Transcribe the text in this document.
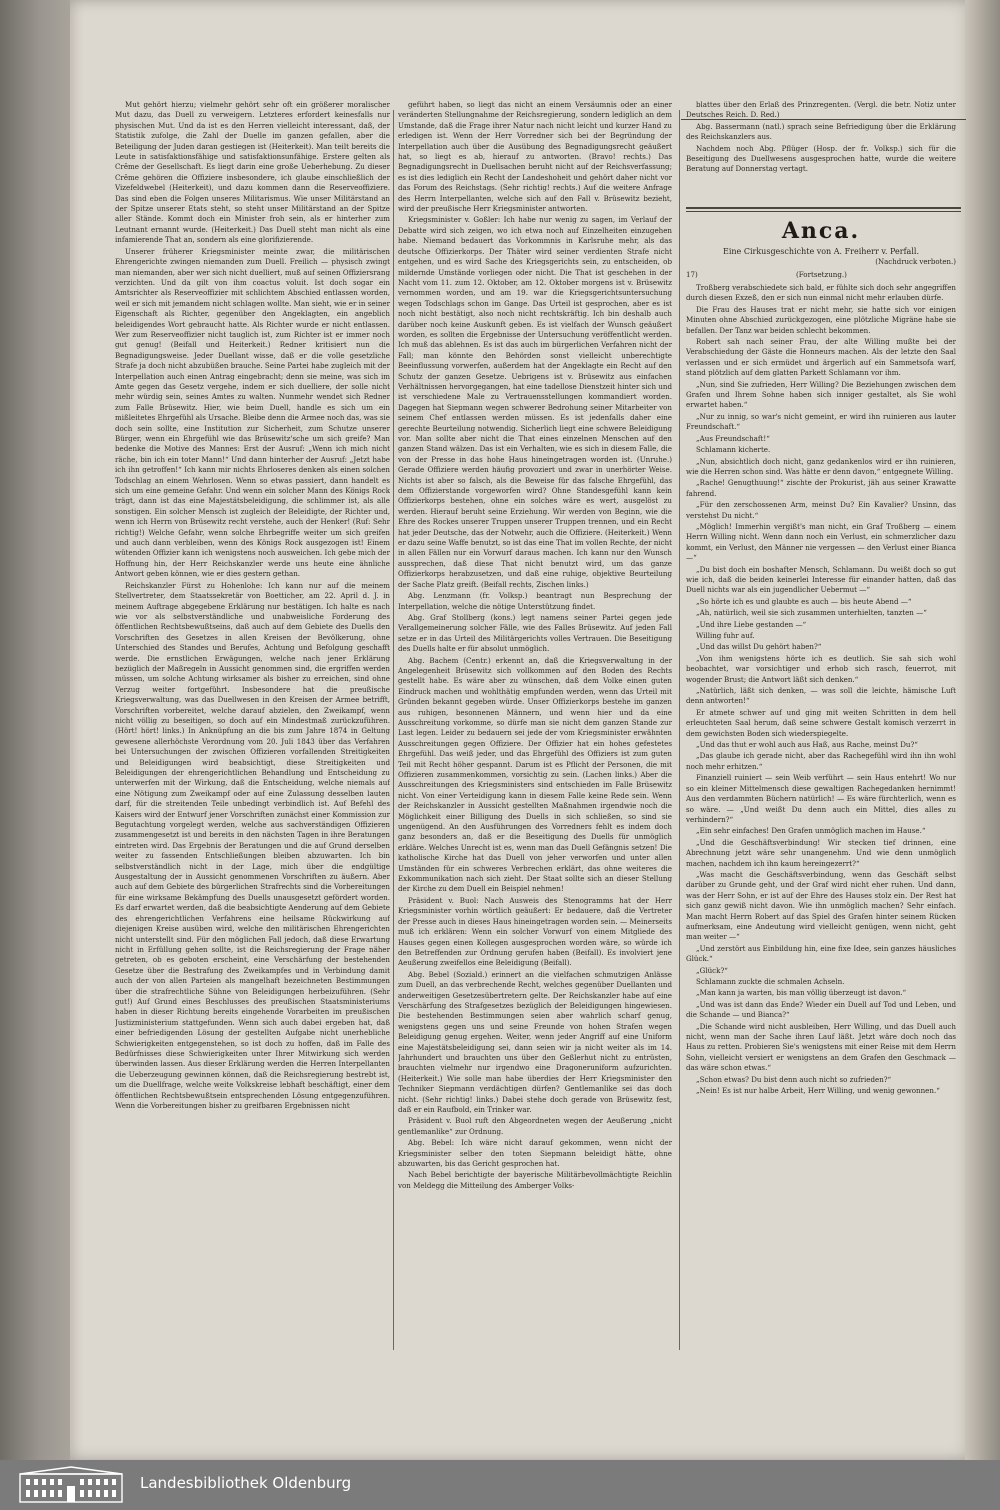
Mut gehört hierzu; vielmehr gehört sehr oft ein größerer moralischer Mut dazu, das Duell zu verweigern. Letzteres erfordert keinesfalls nur physischen Mut. Und da ist es den Herren vielleicht interessant, daß, der Statistik zufolge, die Zahl der Duelle im ganzen gefallen, aber die Beteiligung der Juden daran gestiegen ist (Heiterkeit). Man teilt bereits die Leute in satisfaktionsfähige und satisfaktionsunfähige. Erstere gelten als Crême der Gesellschaft. Es liegt darin eine große Ueberhebung. Zu dieser Crême gehören die Offiziere insbesondere, ich glaube einschließlich der Vizefeldwebel (Heiterkeit), und dazu kommen dann die Reserveoffiziere. Das sind eben die Folgen unseres Militarismus. Wie unser Militärstand an der Spitze unserer Etats steht, so steht unser Militärstand an der Spitze aller Stände. Kommt doch ein Minister froh sein, als er hinterher zum Leutnant ernannt wurde. (Heiterkeit.) Das Duell steht man nicht als eine infamierende That an, sondern als eine glorifizierende.

Unserer früherer Kriegsminister meinte zwar, die militärischen Ehrengerichte zwingen niemanden zum Duell. Freilich — physisch zwingt man niemanden, aber wer sich nicht duelliert, muß auf seinen Offiziersrang verzichten. Und da gilt von ihm coactus voluit. Ist doch sogar ein Amtsrichter als Reserveoffizier mit schlichtem Abschied entlassen worden, weil er sich mit jemandem nicht schlagen wollte. Man sieht, wie er in seiner Eigenschaft als Richter, gegenüber den Angeklagten, ein angeblich beleidigendes Wort gebraucht hatte. Als Richter wurde er nicht entlassen. Wer zum Reserveoffizier nicht tauglich ist, zum Richter ist er immer noch gut genug! (Beifall und Heiterkeit.) Redner kritisiert nun die Begnadigungsweise. Jeder Duellant wisse, daß er die volle gesetzliche Strafe ja doch nicht abzubüßen brauche. Seine Partei habe zugleich mit der Interpellation auch einen Antrag eingebracht; denn sie meine, was sich im Amte gegen das Gesetz vergehe, indem er sich duelliere, der solle nicht mehr würdig sein, seines Amtes zu walten. Nunmehr wendet sich Redner zum Falle Brüsewitz. Hier, wie beim Duell, handle es sich um ein mißleitetes Ehrgefühl als Ursache. Bleibe denn die Armee noch das, was sie doch sein sollte, eine Institution zur Sicherheit, zum Schutze unserer Bürger, wenn ein Ehrgefühl wie das Brüsewitz'sche um sich greife? Man bedenke die Motive des Mannes: Erst der Ausruf: „Wenn ich mich nicht räche, bin ich ein toter Mann!“ Und dann hinterher der Ausruf: „Jetzt habe ich ihn getroffen!“ Ich kann mir nichts Ehrloseres denken als einen solchen Todschlag an einem Wehrlosen. Wenn so etwas passiert, dann handelt es sich um eine gemeine Gefahr. Und wenn ein solcher Mann des Königs Rock trägt, dann ist das eine Majestätsbeleidigung, die schlimmer ist, als alle sonstigen. Ein solcher Mensch ist zugleich der Beleidigte, der Richter und, wenn ich Herrn von Brüsewitz recht verstehe, auch der Henker! (Ruf: Sehr richtig!) Welche Gefahr, wenn solche Ehrbegriffe weiter um sich greifen und auch dann verbleiben, wenn des Königs Rock ausgezogen ist! Einem wütenden Offizier kann ich wenigstens noch ausweichen. Ich gebe mich der Hoffnung hin, der Herr Reichskanzler werde uns heute eine ähnliche Antwort geben können, wie er dies gestern gethan.

Reichskanzler Fürst zu Hohenlohe: Ich kann nur auf die meinem Stellvertreter, dem Staatssekretär von Boetticher, am 22. April d. J. in meinem Auftrage abgegebene Erklärung nur bestätigen. Ich halte es nach wie vor als selbstverständliche und unabweisliche Forderung des öffentlichen Rechtsbewußtseins, daß auch auf dem Gebiete des Duells den Vorschriften des Gesetzes in allen Kreisen der Bevölkerung, ohne Unterschied des Standes und Berufes, Achtung und Befolgung geschafft werde. Die ernstlichen Erwägungen, welche nach jener Erklärung bezüglich der Maßregeln in Aussicht genommen sind, die ergriffen werden müssen, um solche Achtung wirksamer als bisher zu erreichen, sind ohne Verzug weiter fortgeführt. Insbesondere hat die preußische Kriegsverwaltung, was das Duellwesen in den Kreisen der Armee betrifft, Vorschriften vorbereitet, welche darauf abzielen, den Zweikampf, wenn nicht völlig zu beseitigen, so doch auf ein Mindestmaß zurückzuführen. (Hört! hört! links.) In Anknüpfung an die bis zum Jahre 1874 in Geltung gewesene allerhöchste Verordnung vom 20. Juli 1843 über das Verfahren bei Untersuchungen der zwischen Offizieren vorfallenden Streitigkeiten und Beleidigungen wird beabsichtigt, diese Streitigkeiten und Beleidigungen der ehrengerichtlichen Behandlung und Entscheidung zu unterwerfen mit der Wirkung, daß die Entscheidung, welche niemals auf eine Nötigung zum Zweikampf oder auf eine Zulassung desselben lauten darf, für die streitenden Teile unbedingt verbindlich ist. Auf Befehl des Kaisers wird der Entwurf jener Vorschriften zunächst einer Kommission zur Begutachtung vorgelegt werden, welche aus sachverständigen Offizieren zusammengesetzt ist und bereits in den nächsten Tagen in ihre Beratungen eintreten wird. Das Ergebnis der Beratungen und die auf Grund derselben weiter zu fassenden Entschließungen bleiben abzuwarten. Ich bin selbstverständlich nicht in der Lage, mich über die endgültige Ausgestaltung der in Aussicht genommenen Vorschriften zu äußern. Aber auch auf dem Gebiete des bürgerlichen Strafrechts sind die Vorbereitungen für eine wirksame Bekämpfung des Duells unausgesetzt gefördert worden. Es darf erwartet werden, daß die beabsichtigte Aenderung auf dem Gebiete des ehrengerichtlichen Verfahrens eine heilsame Rückwirkung auf diejenigen Kreise ausüben wird, welche den militärischen Ehrengerichten nicht unterstellt sind. Für den möglichen Fall jedoch, daß diese Erwartung nicht in Erfüllung gehen sollte, ist die Reichsregierung der Frage näher getreten, ob es geboten erscheint, eine Verschärfung der bestehenden Gesetze über die Bestrafung des Zweikampfes und in Verbindung damit auch der von allen Parteien als mangelhaft bezeichneten Bestimmungen über die strafrechtliche Sühne von Beleidigungen herbeizuführen. (Sehr gut!) Auf Grund eines Beschlusses des preußischen Staatsministeriums haben in dieser Richtung bereits eingehende Vorarbeiten im preußischen Justizministerium stattgefunden. Wenn sich auch dabei ergeben hat, daß einer befriedigenden Lösung der gestellten Aufgabe nicht unerhebliche Schwierigkeiten entgegenstehen, so ist doch zu hoffen, daß im Falle des Bedürfnisses diese Schwierigkeiten unter Ihrer Mitwirkung sich werden überwinden lassen. Aus dieser Erklärung werden die Herren Interpellanten die Ueberzeugung gewinnen können, daß die Reichsregierung bestrebt ist, um die Duellfrage, welche weite Volkskreise lebhaft beschäftigt, einer dem öffentlichen Rechtsbewußtsein entsprechenden Lösung entgegenzuführen. Wenn die Vorbereitungen bisher zu greifbaren Ergebnissen nicht

geführt haben, so liegt das nicht an einem Versäumnis oder an einer veränderten Stellungnahme der Reichsregierung, sondern lediglich an dem Umstande, daß die Frage ihrer Natur nach nicht leicht und kurzer Hand zu erledigen ist. Wenn der Herr Vorredner sich bei der Begründung der Interpellation auch über die Ausübung des Begnadigungsrecht geäußert hat, so liegt es ab, hierauf zu antworten. (Bravo! rechts.) Das Begnadigungsrecht in Duellsachen beruht nicht auf der Reichsverfassung; es ist dies lediglich ein Recht der Landeshoheit und gehört daher nicht vor das Forum des Reichstags. (Sehr richtig! rechts.) Auf die weitere Anfrage des Herrn Interpellanten, welche sich auf den Fall v. Brüsewitz bezieht, wird der preußische Herr Kriegsminister antworten.

Kriegsminister v. Goßler: Ich habe nur wenig zu sagen, im Verlauf der Debatte wird sich zeigen, wo ich etwa noch auf Einzelheiten einzugehen habe. Niemand bedauert das Vorkommnis in Karlsruhe mehr, als das deutsche Offizierkorps. Der Thäter wird seiner verdienten Strafe nicht entgehen, und es wird Sache des Kriegsgerichts sein, zu entscheiden, ob mildernde Umstände vorliegen oder nicht. Die That ist geschehen in der Nacht vom 11. zum 12. Oktober, am 12. Oktober morgens ist v. Brüsewitz vernommen worden, und am 19. war die Kriegsgerichtsuntersuchung wegen Todschlags schon im Gange. Das Urteil ist gesprochen, aber es ist noch nicht bestätigt, also noch nicht rechtskräftig. Ich bin deshalb auch darüber noch keine Auskunft geben. Es ist vielfach der Wunsch geäußert worden, es sollten die Ergebnisse der Untersuchung veröffentlicht werden. Ich muß das ablehnen. Es ist das auch im bürgerlichen Verfahren nicht der Fall; man könnte den Behörden sonst vielleicht unberechtigte Beeinflussung vorwerfen, außerdem hat der Angeklagte ein Recht auf den Schutz der ganzen Gesetze. Uebrigens ist v. Brüsewitz aus einfachen Verhältnissen hervorgegangen, hat eine tadellose Dienstzeit hinter sich und ist verschiedene Male zu Vertrauensstellungen kommandiert worden. Dagegen hat Siepmann wegen schwerer Bedrohung seiner Mitarbeiter von seinem Chef entlassen werden müssen. Es ist jedenfalls daher eine gerechte Beurteilung notwendig. Sicherlich liegt eine schwere Beleidigung vor. Man sollte aber nicht die That eines einzelnen Menschen auf den ganzen Stand wälzen. Das ist ein Verhalten, wie es sich in diesem Falle, die von der Presse in das hohe Haus hineingetragen worden ist. (Unruhe.) Gerade Offiziere werden häufig provoziert und zwar in unerhörter Weise. Nichts ist aber so falsch, als die Beweise für das falsche Ehrgefühl, das dem Offizierstande vorgeworfen wird? Ohne Standesgefühl kann kein Offizierkorps bestehen, ohne ein solches wäre es wert, ausgelöst zu werden. Hierauf beruht seine Erziehung. Wir werden von Beginn, wie die Ehre des Rockes unserer Truppen unserer Truppen trennen, und ein Recht hat jeder Deutsche, das der Notwehr, auch die Offiziere. (Heiterkeit.) Wenn er dazu seine Waffe benutzt, so ist das eine That im vollen Rechte, der nicht in allen Fällen nur ein Vorwurf daraus machen. Ich kann nur den Wunsch aussprechen, daß diese That nicht benutzt wird, um das ganze Offizierkorps herabzusetzen, und daß eine ruhige, objektive Beurteilung der Sache Platz greift. (Beifall rechts, Zischen links.)

Abg. Lenzmann (fr. Volksp.) beantragt nun Besprechung der Interpellation, welche die nötige Unterstützung findet.

Abg. Graf Stollberg (kons.) legt namens seiner Partei gegen jede Verallgemeinerung solcher Fälle, wie des Falles Brüsewitz. Auf jeden Fall setze er in das Urteil des Militärgerichts volles Vertrauen. Die Beseitigung des Duells halte er für absolut unmöglich.

Abg. Bachem (Centr.) erkennt an, daß die Kriegsverwaltung in der Angelegenheit Brüsewitz sich vollkommen auf den Boden des Rechts gestellt habe. Es wäre aber zu wünschen, daß dem Volke einen guten Eindruck machen und wohlthätig empfunden werden, wenn das Urteil mit Gründen bekannt gegeben würde. Unser Offizierkorps bestehe im ganzen aus ruhigen, besonnenen Männern, und wenn hier und da eine Ausschreitung vorkomme, so dürfe man sie nicht dem ganzen Stande zur Last legen. Leider zu bedauern sei jede der vom Kriegsminister erwähnten Ausschreitungen gegen Offiziere. Der Offizier hat ein hohes gefestetes Ehrgefühl. Das weiß jeder, und das Ehrgefühl des Offiziers ist zum guten Teil mit Recht höher gespannt. Darum ist es Pflicht der Personen, die mit Offizieren zusammenkommen, vorsichtig zu sein. (Lachen links.) Aber die Ausschreitungen des Kriegsministers sind entschieden im Falle Brüsewitz nicht. Von einer Verteidigung kann in diesem Falle keine Rede sein. Wenn der Reichskanzler in Aussicht gestellten Maßnahmen irgendwie noch die Möglichkeit einer Billigung des Duells in sich schließen, so sind sie ungenügend. An den Ausführungen des Vorredners fehlt es indem doch ganz besonders an, daß er die Beseitigung des Duells für unmöglich erkläre. Welches Unrecht ist es, wenn man das Duell Gefängnis setzen! Die katholische Kirche hat das Duell von jeher verworfen und unter allen Umständen für ein schweres Verbrechen erklärt, das ohne weiteres die Exkommunikation nach sich zieht. Der Staat sollte sich an dieser Stellung der Kirche zu dem Duell ein Beispiel nehmen!

Präsident v. Buol: Nach Ausweis des Stenogramms hat der Herr Kriegsminister vorhin wörtlich geäußert: Er bedauere, daß die Vertreter der Presse auch in dieses Haus hineingetragen worden sein. — Meinerseits muß ich erklären: Wenn ein solcher Vorwurf von einem Mitgliede des Hauses gegen einen Kollegen ausgesprochen worden wäre, so würde ich den Betreffenden zur Ordnung gerufen haben (Beifall). Es involviert jene Aeußerung zweifellos eine Beleidigung (Beifall).

Abg. Bebel (Soziald.) erinnert an die vielfachen schmutzigen Anlässe zum Duell, an das verbrechende Recht, welches gegenüber Duellanten und anderweitigen Gesetzesübertretern gelte. Der Reichskanzler habe auf eine Verschärfung des Strafgesetzes bezüglich der Beleidigungen hingewiesen. Die bestehenden Bestimmungen seien aber wahrlich scharf genug, wenigstens gegen uns und seine Freunde von hohen Strafen wegen Beleidigung genug ergehen. Weiter, wenn jeder Angriff auf eine Uniform eine Majestätsbeleidigung sei, dann seien wir ja nicht weiter als im 14. Jahrhundert und brauchten uns über den Geßlerhut nicht zu entrüsten, brauchten vielmehr nur irgendwo eine Dragoneruniform aufzurichten. (Heiterkeit.) Wie solle man habe überdies der Herr Kriegsminister den Techniker Siepmann verdächtigen dürfen? Gentlemanlike sei das doch nicht. (Sehr richtig! links.) Dabei stehe doch gerade von Brüsewitz fest, daß er ein Raufbold, ein Trinker war.

Präsident v. Buol ruft den Abgeordneten wegen der Aeußerung „nicht gentlemanlike“ zur Ordnung.

Abg. Bebel: Ich wäre nicht darauf gekommen, wenn nicht der Kriegsminister selber den toten Siepmann beleidigt hätte, ohne abzuwarten, bis das Gericht gesprochen hat.

Nach Bebel berichtigte der bayerische Militärbevollmächtigte Reichlin von Meldegg die Mitteilung des Amberger Volks-

blattes über den Erlaß des Prinzregenten. (Vergl. die betr. Notiz unter Deutsches Reich. D. Red.)

Abg. Bassermann (natl.) sprach seine Befriedigung über die Erklärung des Reichskanzlers aus.

Nachdem noch Abg. Pflüger (Hosp. der fr. Volksp.) sich für die Beseitigung des Duellwesens ausgesprochen hatte, wurde die weitere Beratung auf Donnerstag vertagt.

Anca.
Eine Cirkusgeschichte von A. Freiherr v. Perfall.
(Nachdruck verboten.)
17)	(Fortsetzung.)

Troßberg verabschiedete sich bald, er fühlte sich doch sehr angegriffen durch diesen Exzeß, den er sich nun einmal nicht mehr erlauben dürfe.

Die Frau des Hauses trat er nicht mehr, sie hatte sich vor einigen Minuten ohne Abschied zurückgezogen, eine plötzliche Migräne habe sie befallen. Der Tanz war beiden schlecht bekommen.

Robert sah nach seiner Frau, der alte Willing mußte bei der Verabschiedung der Gäste die Honneurs machen. Als der letzte den Saal verlassen und er sich ermüdet und ärgerlich auf ein Sammetsofa warf, stand plötzlich auf dem glatten Parkett Schlamann vor ihm.

„Nun, sind Sie zufrieden, Herr Willing? Die Beziehungen zwischen dem Grafen und Ihrem Sohne haben sich inniger gestaltet, als Sie wohl erwartet haben.“

„Nur zu innig, so war's nicht gemeint, er wird ihn ruinieren aus lauter Freundschaft.“

„Aus Freundschaft!“

Schlamann kicherte.

„Nun, absichtlich doch nicht, ganz gedankenlos wird er ihn ruinieren, wie die Herren schon sind. Was hätte er denn davon,“ entgegnete Willing.

„Rache! Genugthuung!“ zischte der Prokurist, jäh aus seiner Krawatte fahrend.

„Für den zerschossenen Arm, meinst Du? Ein Kavalier? Unsinn, das verstehst Du nicht.“

„Möglich! Immerhin vergißt's man nicht, ein Graf Troßberg — einem Herrn Willing nicht. Wenn dann noch ein Verlust, ein schmerzlicher dazu kommt, ein Verlust, den Männer nie vergessen — den Verlust einer Bianca —“

„Du bist doch ein boshafter Mensch, Schlamann. Du weißt doch so gut wie ich, daß die beiden keinerlei Interesse für einander hatten, daß das Duell nichts war als ein jugendlicher Uebermut —“

„So hörte ich es und glaubte es auch — bis heute Abend —“

„Ah, natürlich, weil sie sich zusammen unterhielten, tanzten —“

„Und ihre Liebe gestanden —“

Willing fuhr auf.

„Und das willst Du gehört haben?“

„Von ihm wenigstens hörte ich es deutlich. Sie sah sich wohl beobachtet, war vorsichtiger und erhob sich rasch, feuerrot, mit wogender Brust; die Antwort läßt sich denken.“

„Natürlich, läßt sich denken, — was soll die leichte, hämische Luft denn antworten!“

Er atmete schwer auf und ging mit weiten Schritten in dem hell erleuchteten Saal herum, daß seine schwere Gestalt komisch verzerrt in dem gewichsten Boden sich wiederspiegelte.

„Und das thut er wohl auch aus Haß, aus Rache, meinst Du?“

„Das glaube ich gerade nicht, aber das Rachegefühl wird ihn ihn wohl noch mehr erhitzen.“

Finanziell ruiniert — sein Weib verführt — sein Haus entehrt! Wo nur so ein kleiner Mittelmensch diese gewaltigen Rachegedanken hernimmt! Aus den verdammten Büchern natürlich! — Es wäre fürchterlich, wenn es so wäre. — „Und weißt Du denn auch ein Mittel, dies alles zu verhindern?“

„Ein sehr einfaches! Den Grafen unmöglich machen im Hause.“

„Und die Geschäftsverbindung! Wir stecken tief drinnen, eine Abrechnung jetzt wäre sehr unangenehm. Und wie denn unmöglich machen, nachdem ich ihn kaum hereingezerrt?“

„Was macht die Geschäftsverbindung, wenn das Geschäft selbst darüber zu Grunde geht, und der Graf wird nicht eher ruhen. Und dann, was der Herr Sohn, er ist auf der Ehre des Hauses stolz ein. Der Rest hat sich ganz gewiß nicht davon. Wie ihn unmöglich machen? Sehr einfach. Man macht Herrn Robert auf das Spiel des Grafen hinter seinem Rücken aufmerksam, eine Andeutung wird vielleicht genügen, wenn nicht, geht man weiter —“

„Und zerstört aus Einbildung hin, eine fixe Idee, sein ganzes häusliches Glück.“

„Glück?“

Schlamann zuckte die schmalen Achseln.

„Man kann ja warten, bis man völlig überzeugt ist davon.“

„Und was ist dann das Ende? Wieder ein Duell auf Tod und Leben, und die Schande — und Bianca?“

„Die Schande wird nicht ausbleiben, Herr Willing, und das Duell auch nicht, wenn man der Sache ihren Lauf läßt. Jetzt wäre doch noch das Haus zu retten. Probieren Sie's wenigstens mit einer Reise mit dem Herrn Sohn, vielleicht versiert er wenigstens an dem Grafen den Geschmack — das wäre schon etwas.“

„Schon etwas? Du bist denn auch nicht so zufrieden?“

„Nein! Es ist nur halbe Arbeit, Herr Willing, und wenig gewonnen.“

Landesbibliothek Oldenburg
